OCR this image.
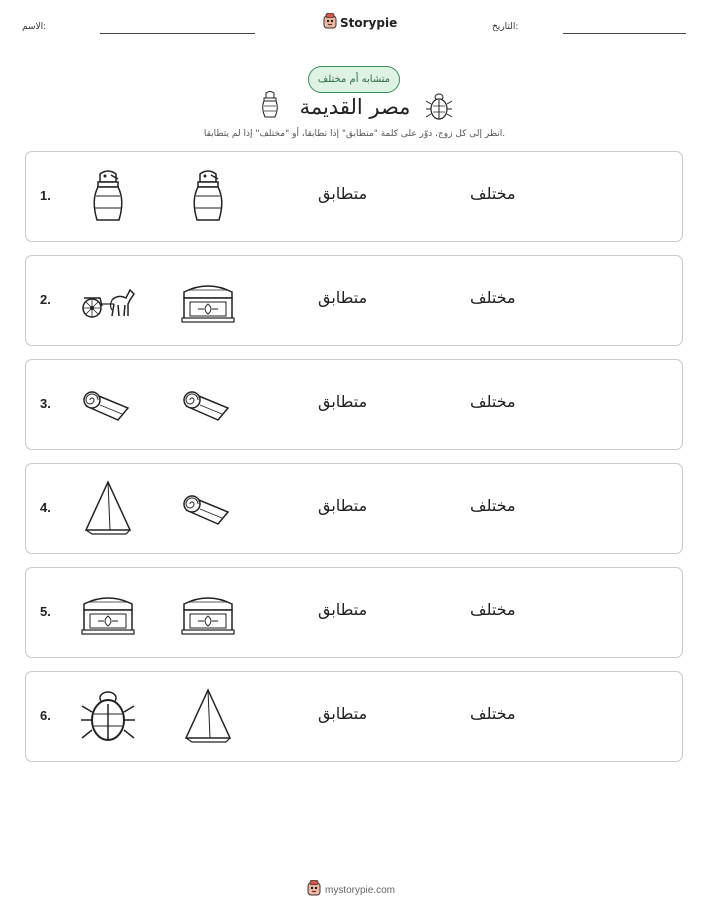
الاسم:	Storypie	التاريخ:
متشابه أم مختلف
مصر القديمة
انظر إلى كل زوج. دوّر على كلمة "متطابق" إذا تطابقا، أو "مختلف" إذا لم يتطابقا.
1.	متطابق	مختلف
2.	متطابق	مختلف
3.	متطابق	مختلف
4.	متطابق	مختلف
5.	متطابق	مختلف
6.	متطابق	مختلف
mystorypie.com
